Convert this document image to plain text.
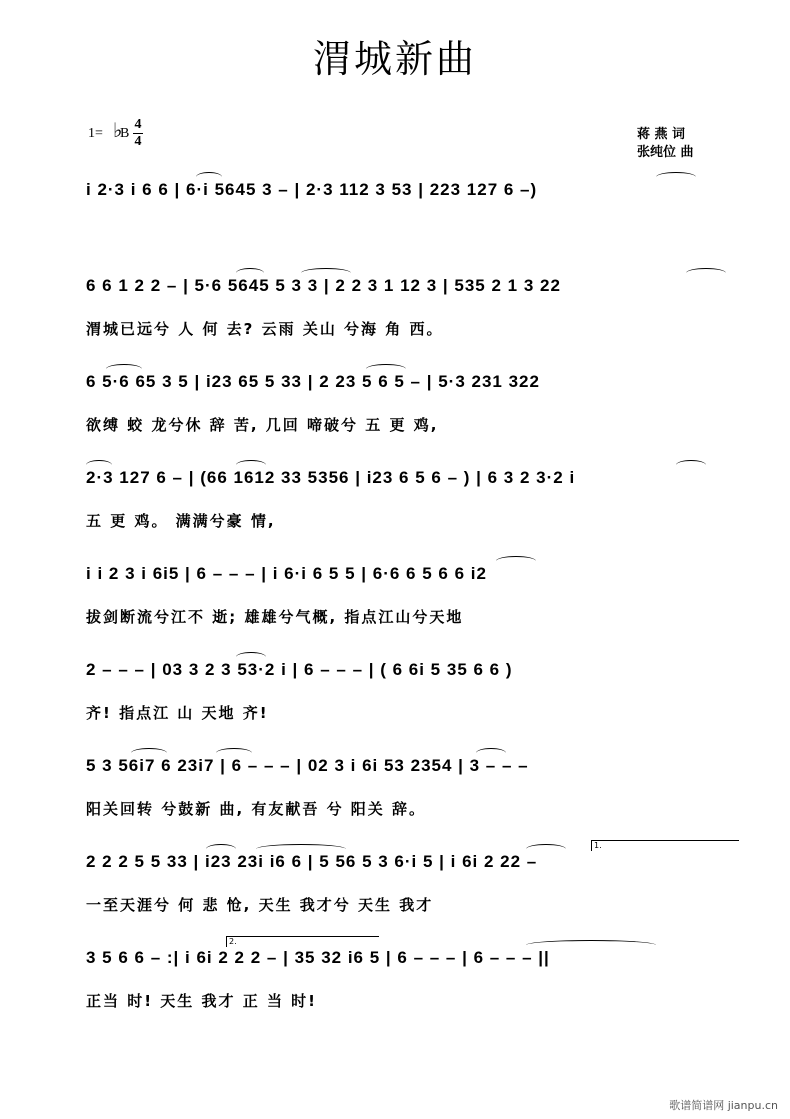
渭城新曲
1= ♭
B
4
4	蒋 燕 词
张纯位 曲
i 2·3 i 6 6 | 6·i 5645 3 – | 2·3 112 3 53 | 223 127 6 –)
6 6 1 2 2 – | 5·6 5645 5 3 3 | 2 2 3 1 12 3 | 535 2 1 3 22
渭城已远兮 人 何 去? 云雨 关山 兮海 角 西。
6 5·6 65 3 5 | i23 65 5 33 | 2 23 5 6 5 – | 5·3 231 322
欲缚 蛟 龙兮休 辞 苦, 几回 啼破兮 五 更 鸡,
2·3 127 6 – | (66 1612 33 5356 | i23 6 5 6 – ) | 6 3 2 3·2 i
五 更 鸡。 满满兮豪 情,
i i 2 3 i 6i5 | 6 – – – | i 6·i 6 5 5 | 6·6 6 5 6 6 i2
拔剑断流兮江不 逝; 雄雄兮气概, 指点江山兮天地
2 – – – | 03 3 2 3 53·2 i | 6 – – – | ( 6 6i 5 35 6 6 )
齐! 指点江 山 天地 齐!
5 3 56i7 6 23i7 | 6 – – – | 02 3 i 6i 53 2354 | 3 – – –
阳关回转 兮鼓新 曲, 有友献吾 兮 阳关 辞。
2 2 2 5 5 33 | i23 23i i6 6 | 5 56 5 3 6·i 5 | i 6i 2 22 –
一至天涯兮 何 悲 怆, 天生 我才兮 天生 我才
1.
3 5 6 6 – :| i 6i 2 2 2 – | 35 32 i6 5 | 6 – – – | 6 – – – ||
正当 时! 天生 我才 正 当 时!
2.
歌谱简谱网 jianpu.cn
